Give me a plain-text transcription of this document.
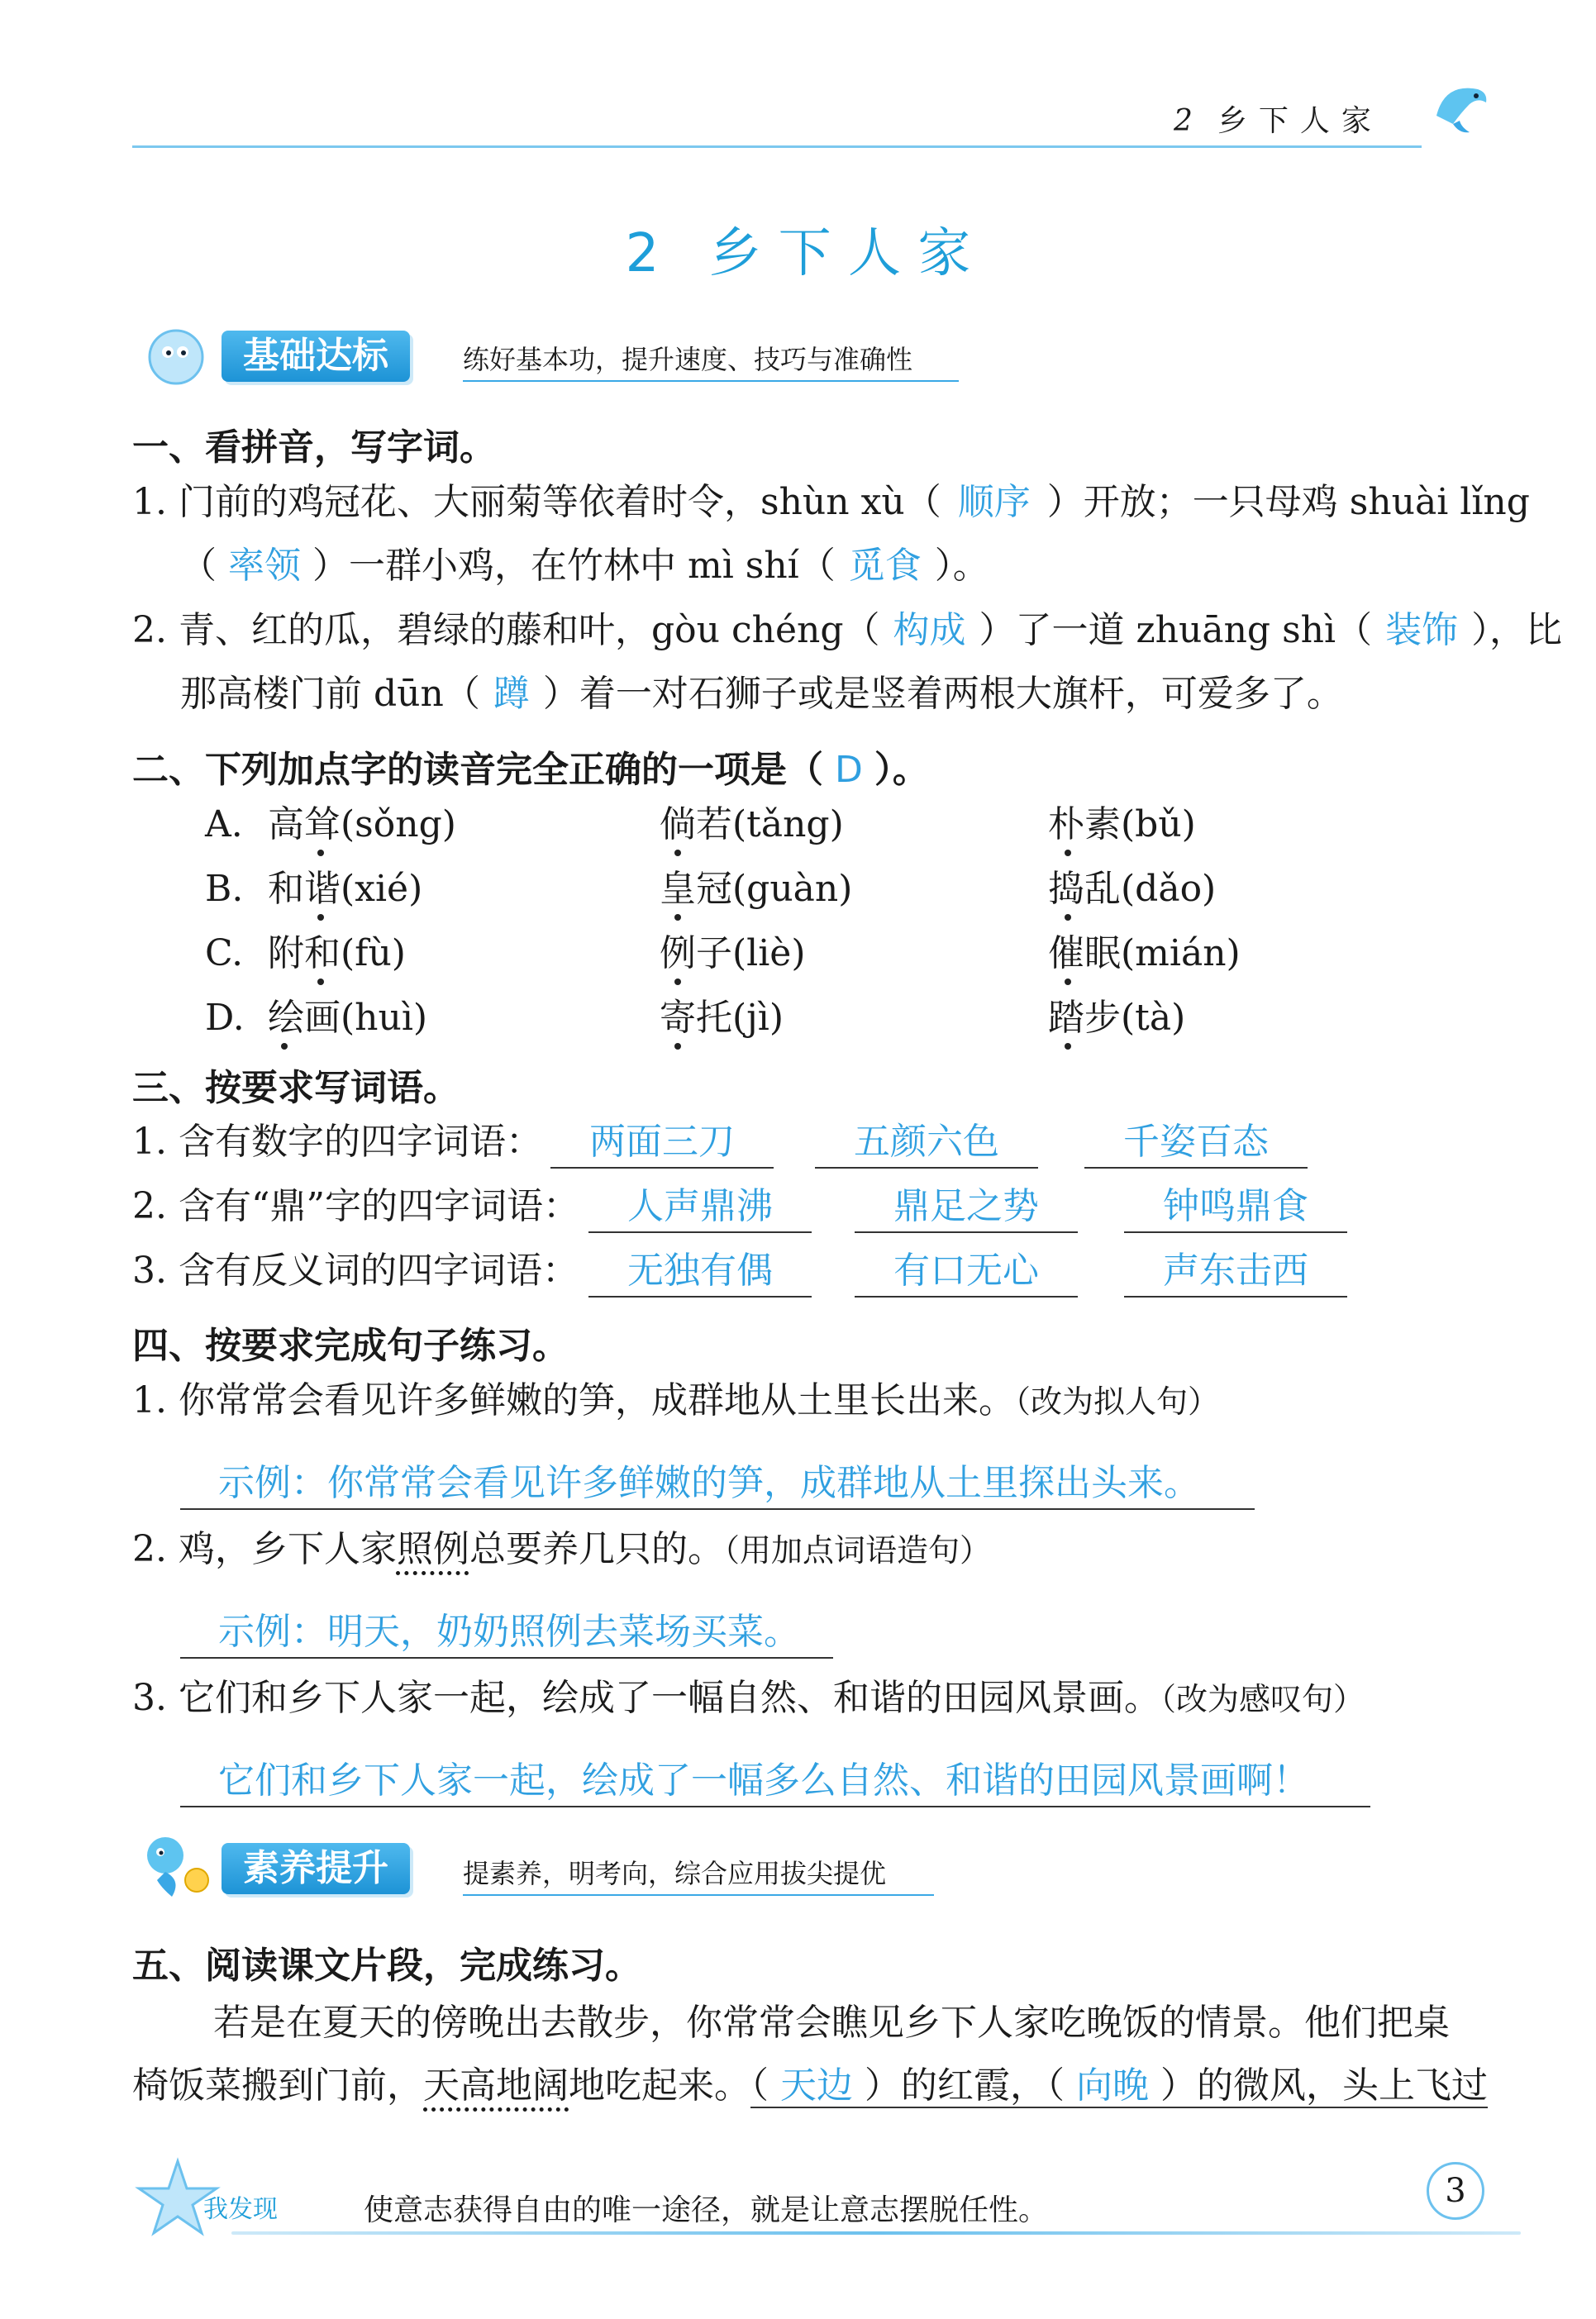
2 乡下人家
2 乡 下 人 家
基础达标	练好基本功，提升速度、技巧与准确性
一、看拼音，写字词。
1. 门前的鸡冠花、大丽菊等依着时令，shùn xù（ 顺序 ）开放；一只母鸡 shuài lǐng
（ 率领 ）一群小鸡，在竹林中 mì shí（ 觅食 ）。
2. 青、红的瓜，碧绿的藤和叶，gòu chéng（ 构成 ）了一道 zhuāng shì（ 装饰 ），比
那高楼门前 dūn（ 蹲 ）着一对石狮子或是竖着两根大旗杆，可爱多了。
二、下列加点字的读音完全正确的一项是（ D ）。
A. 高耸(sǒng)	倘若(tǎng)	朴素(bǔ)
B. 和谐(xié)	皇冠(guàn)	捣乱(dǎo)
C. 附和(fù)	例子(liè)	催眠(mián)
D. 绘画(huì)	寄托(jì)	踏步(tà)
三、按要求写词语。
1. 含有数字的四字词语：	两面三刀	五颜六色	千姿百态
2. 含有“鼎”字的四字词语：	人声鼎沸	鼎足之势	钟鸣鼎食
3. 含有反义词的四字词语：	无独有偶	有口无心	声东击西
四、按要求完成句子练习。
1. 你常常会看见许多鲜嫩的笋，成群地从土里长出来。（改为拟人句）
示例：你常常会看见许多鲜嫩的笋，成群地从土里探出头来。
2. 鸡，乡下人家照例总要养几只的。（用加点词语造句）
示例：明天，奶奶照例去菜场买菜。
3. 它们和乡下人家一起，绘成了一幅自然、和谐的田园风景画。（改为感叹句）
它们和乡下人家一起，绘成了一幅多么自然、和谐的田园风景画啊！
素养提升	提素养，明考向，综合应用拔尖提优
五、阅读课文片段，完成练习。
若是在夏天的傍晚出去散步，你常常会瞧见乡下人家吃晚饭的情景。他们把桌
椅饭菜搬到门前，天高地阔地吃起来。（ 天边 ）的红霞，（ 向晚 ）的微风，头上飞过
我发现	使意志获得自由的唯一途径，就是让意志摆脱任性。
3
